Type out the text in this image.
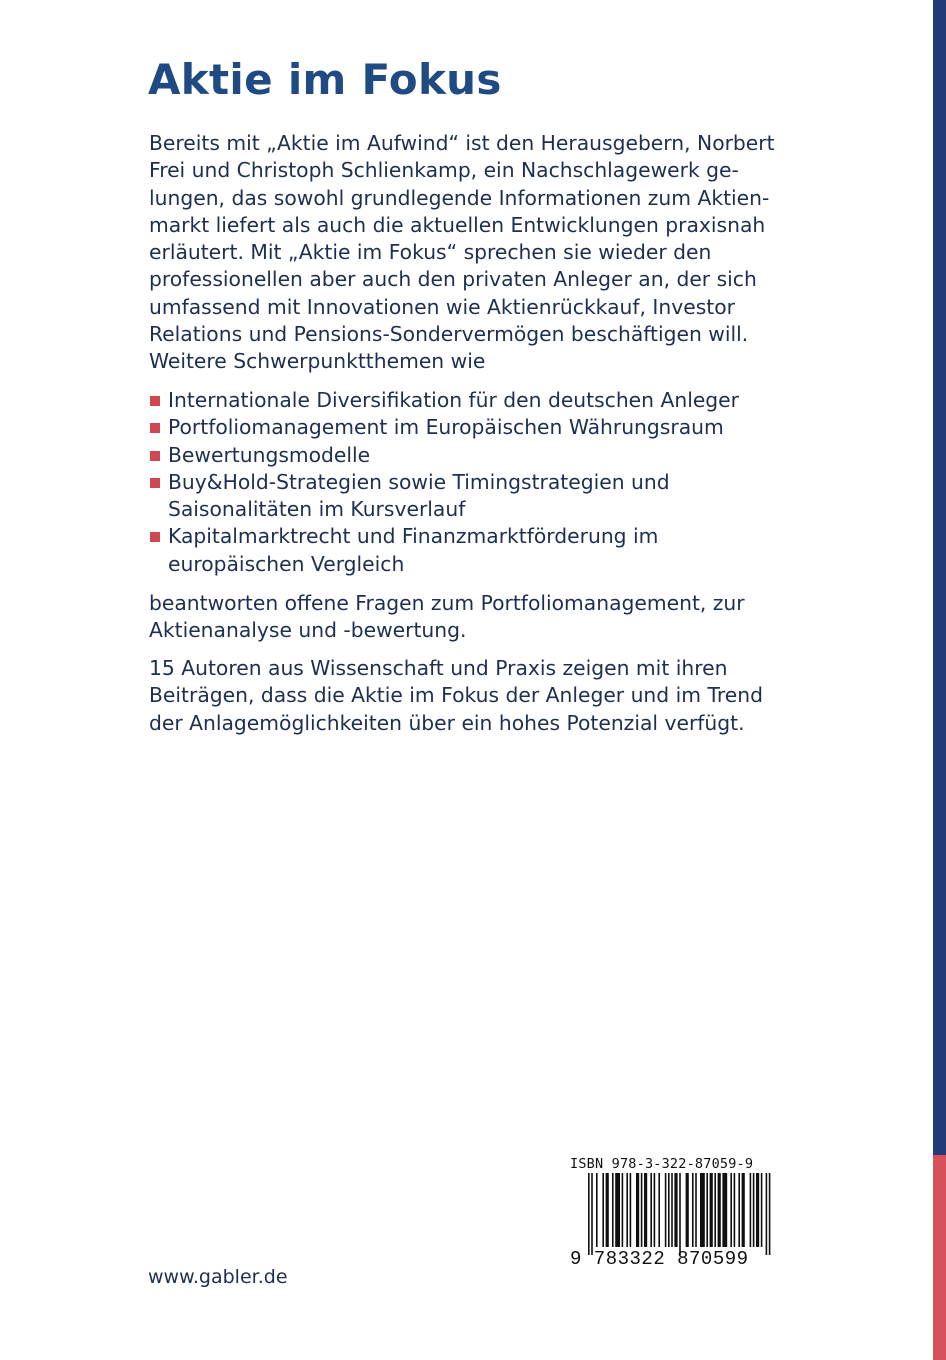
Aktie im Fokus
Bereits mit „Aktie im Aufwind“ ist den Herausgebern, Norbert
Frei und Christoph Schlienkamp, ein Nachschlagewerk ge-
lungen, das sowohl grundlegende Informationen zum Aktien-
markt liefert als auch die aktuellen Entwicklungen praxisnah
erläutert. Mit „Aktie im Fokus“ sprechen sie wieder den
professionellen aber auch den privaten Anleger an, der sich
umfassend mit Innovationen wie Aktienrückkauf, Investor
Relations und Pensions-Sondervermögen beschäftigen will.
Weitere Schwerpunktthemen wie
Internationale Diversifikation für den deutschen Anleger
Portfoliomanagement im Europäischen Währungsraum
Bewertungsmodelle
Buy&Hold-Strategien sowie Timingstrategien und
Saisonalitäten im Kursverlauf
Kapitalmarktrecht und Finanzmarktförderung im
europäischen Vergleich
beantworten offene Fragen zum Portfoliomanagement, zur
Aktienanalyse und -bewertung.
15 Autoren aus Wissenschaft und Praxis zeigen mit ihren
Beiträgen, dass die Aktie im Fokus der Anleger und im Trend
der Anlagemöglichkeiten über ein hohes Potenzial verfügt.
ISBN 978-3-322-87059-9
9 783322 870599
www.gabler.de
